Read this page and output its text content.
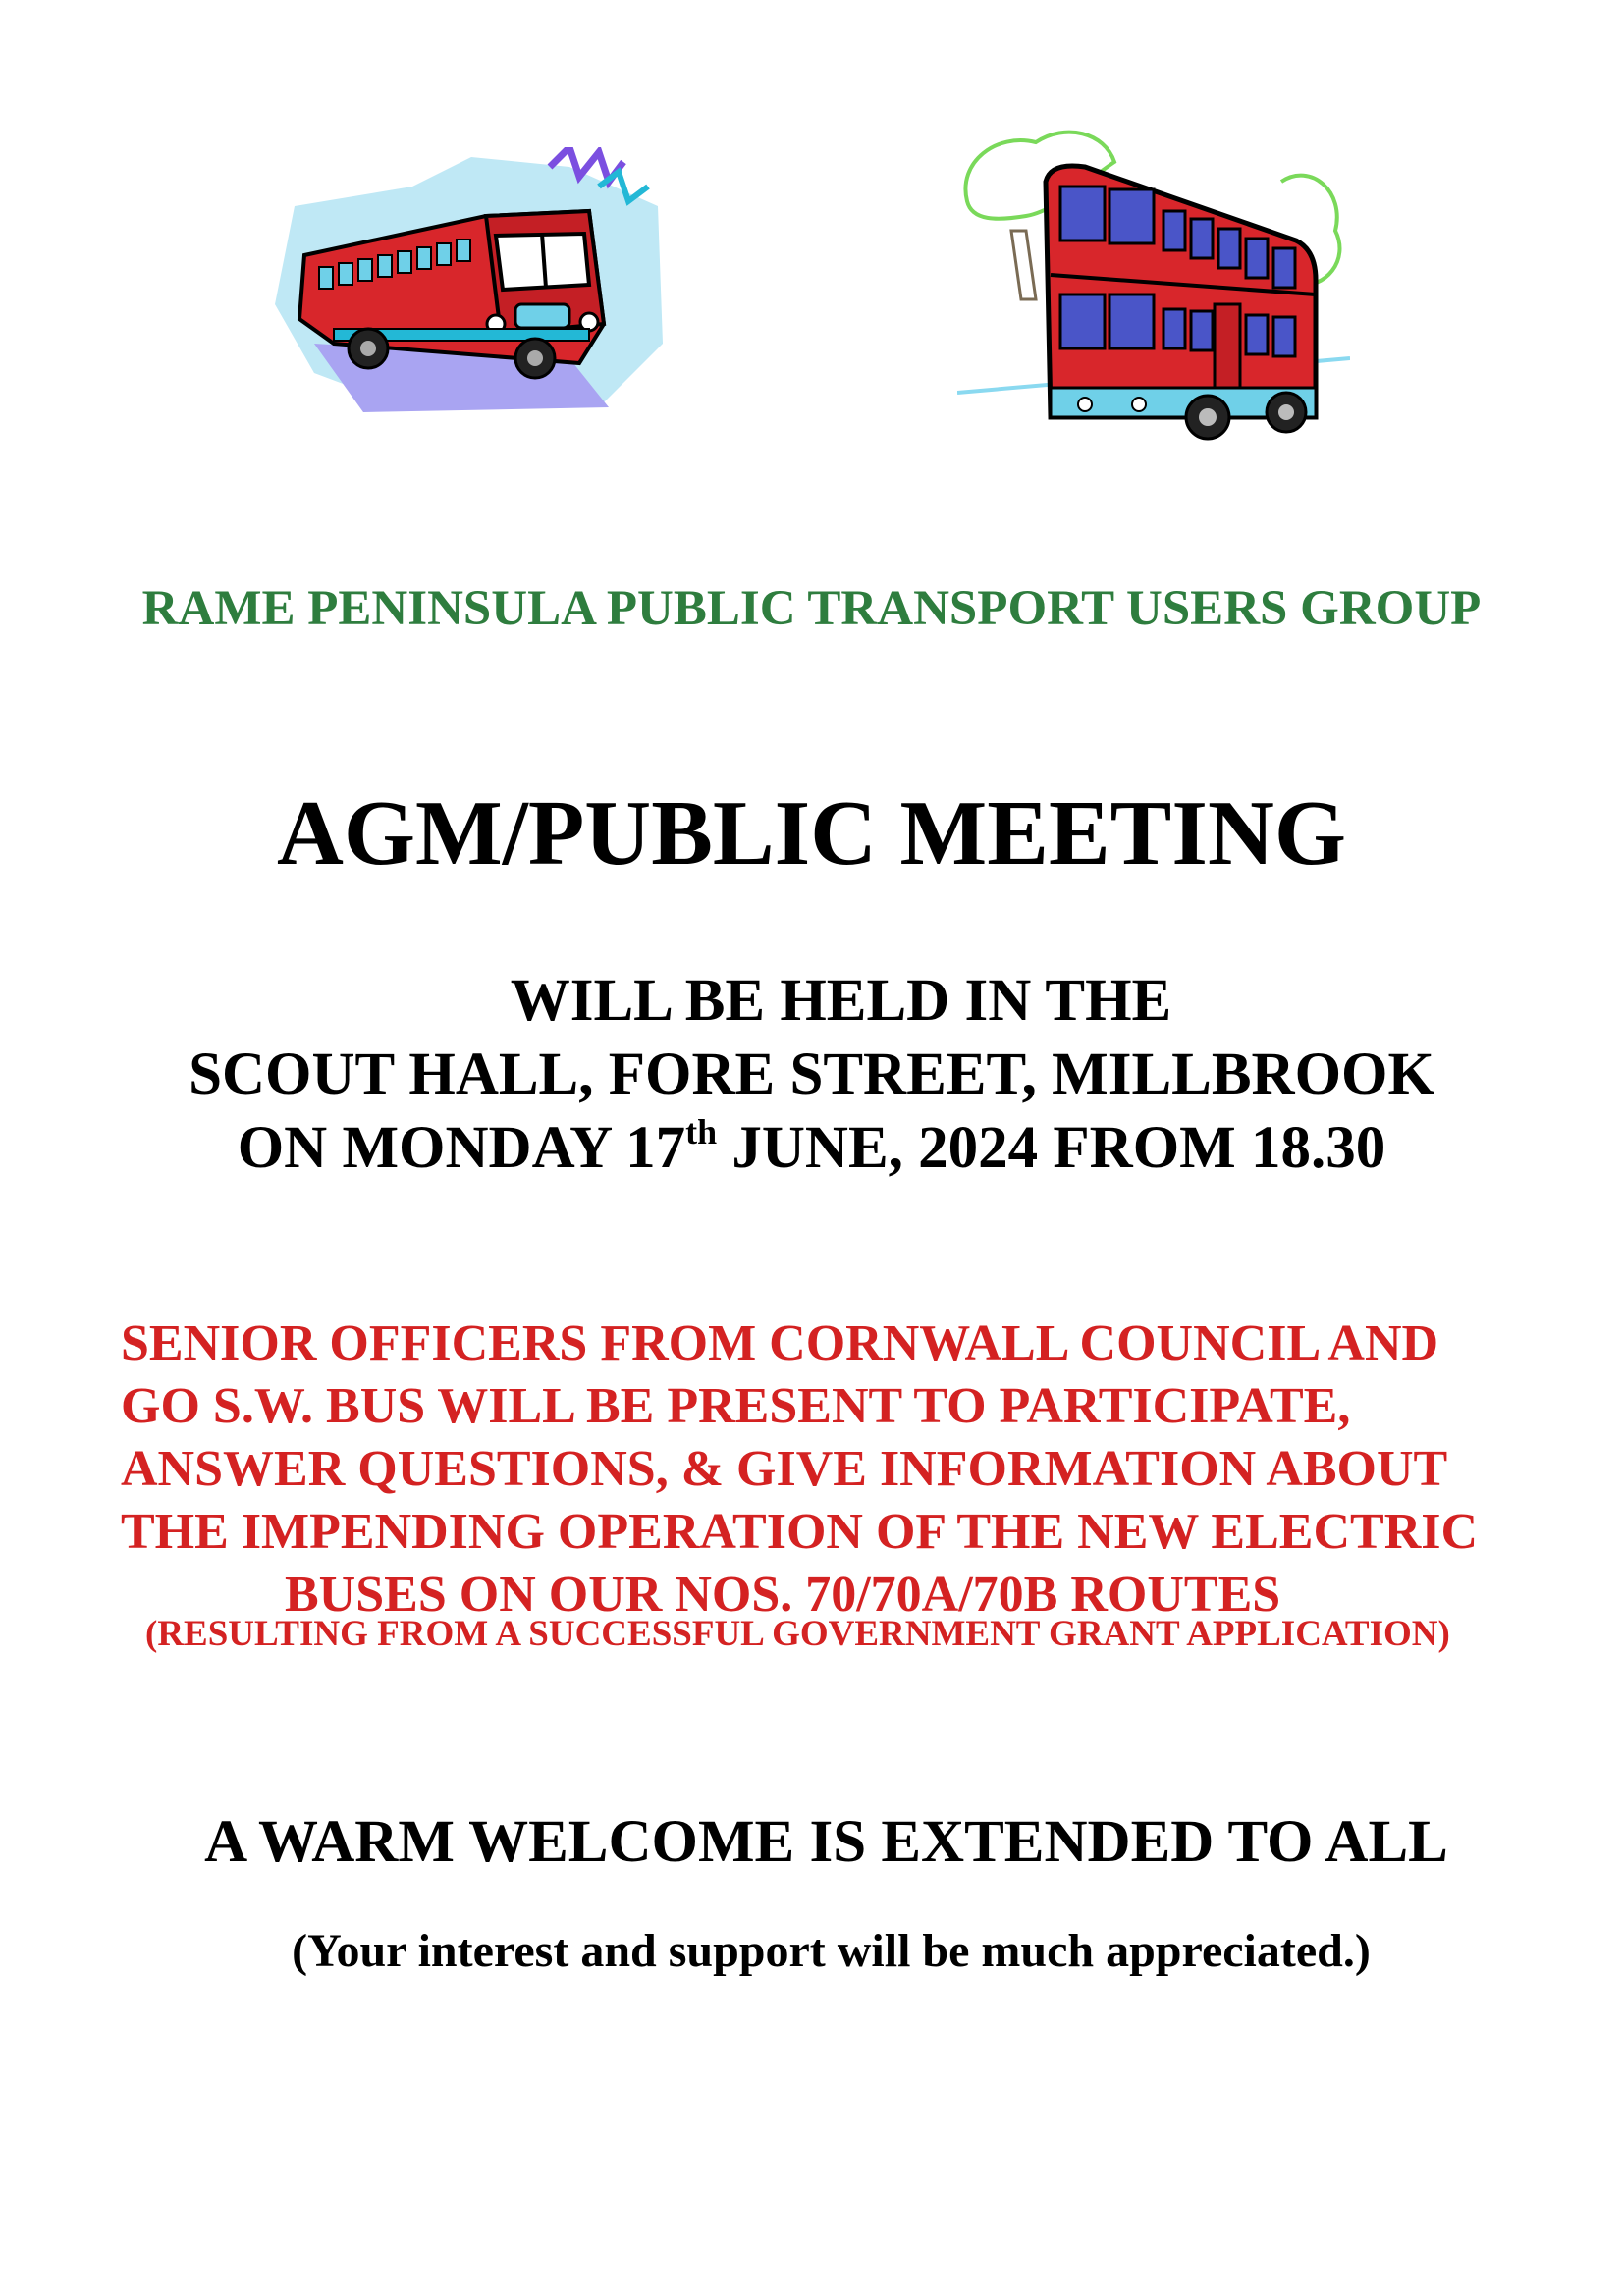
RAME PENINSULA PUBLIC TRANSPORT USERS GROUP

AGM/PUBLIC MEETING

WILL BE HELD IN THE

SCOUT HALL, FORE STREET, MILLBROOK

ON MONDAY 17th JUNE, 2024 FROM 18.30

SENIOR OFFICERS FROM CORNWALL COUNCIL AND

GO S.W. BUS WILL BE PRESENT TO PARTICIPATE,

ANSWER QUESTIONS, & GIVE INFORMATION ABOUT

THE IMPENDING OPERATION OF THE NEW ELECTRIC

BUSES ON OUR NOS. 70/70A/70B ROUTES

(RESULTING FROM A SUCCESSFUL GOVERNMENT GRANT APPLICATION)

A WARM WELCOME IS EXTENDED TO ALL

(Your interest and support will be much appreciated.)
